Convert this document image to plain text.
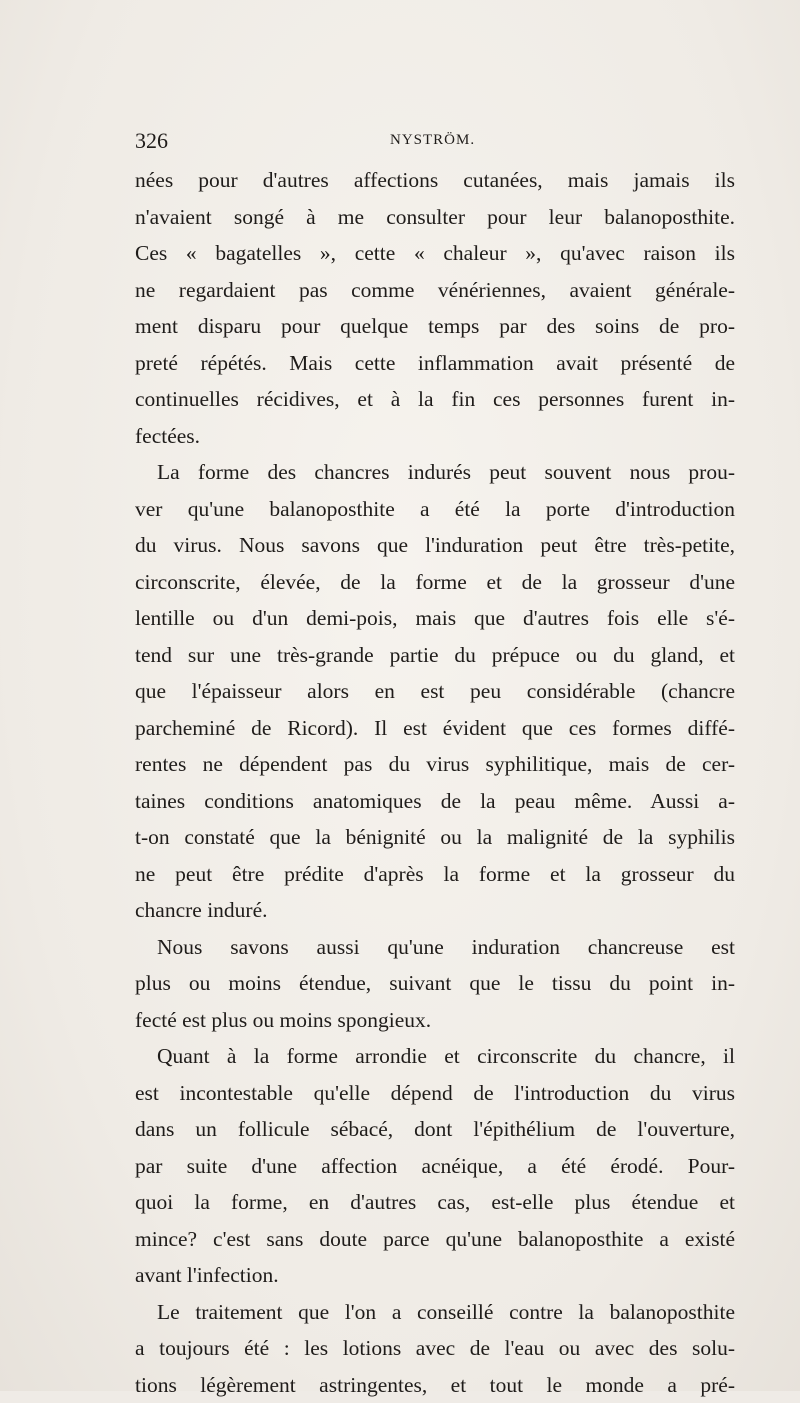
326	NYSTRÖM.
nées pour d'autres affections cutanées, mais jamais ils
n'avaient songé à me consulter pour leur balanoposthite.
Ces « bagatelles », cette « chaleur », qu'avec raison ils
ne regardaient pas comme vénériennes, avaient générale-
ment disparu pour quelque temps par des soins de pro-
preté répétés. Mais cette inflammation avait présenté de
continuelles récidives, et à la fin ces personnes furent in-
fectées.
La forme des chancres indurés peut souvent nous prou-
ver qu'une balanoposthite a été la porte d'introduction
du virus. Nous savons que l'induration peut être très-petite,
circonscrite, élevée, de la forme et de la grosseur d'une
lentille ou d'un demi-pois, mais que d'autres fois elle s'é-
tend sur une très-grande partie du prépuce ou du gland, et
que l'épaisseur alors en est peu considérable (chancre
parcheminé de Ricord). Il est évident que ces formes diffé-
rentes ne dépendent pas du virus syphilitique, mais de cer-
taines conditions anatomiques de la peau même. Aussi a-
t-on constaté que la bénignité ou la malignité de la syphilis
ne peut être prédite d'après la forme et la grosseur du
chancre induré.
Nous savons aussi qu'une induration chancreuse est
plus ou moins étendue, suivant que le tissu du point in-
fecté est plus ou moins spongieux.
Quant à la forme arrondie et circonscrite du chancre, il
est incontestable qu'elle dépend de l'introduction du virus
dans un follicule sébacé, dont l'épithélium de l'ouverture,
par suite d'une affection acnéique, a été érodé. Pour-
quoi la forme, en d'autres cas, est-elle plus étendue et
mince? c'est sans doute parce qu'une balanoposthite a existé
avant l'infection.
Le traitement que l'on a conseillé contre la balanoposthite
a toujours été : les lotions avec de l'eau ou avec des solu-
tions légèrement astringentes, et tout le monde a pré-
